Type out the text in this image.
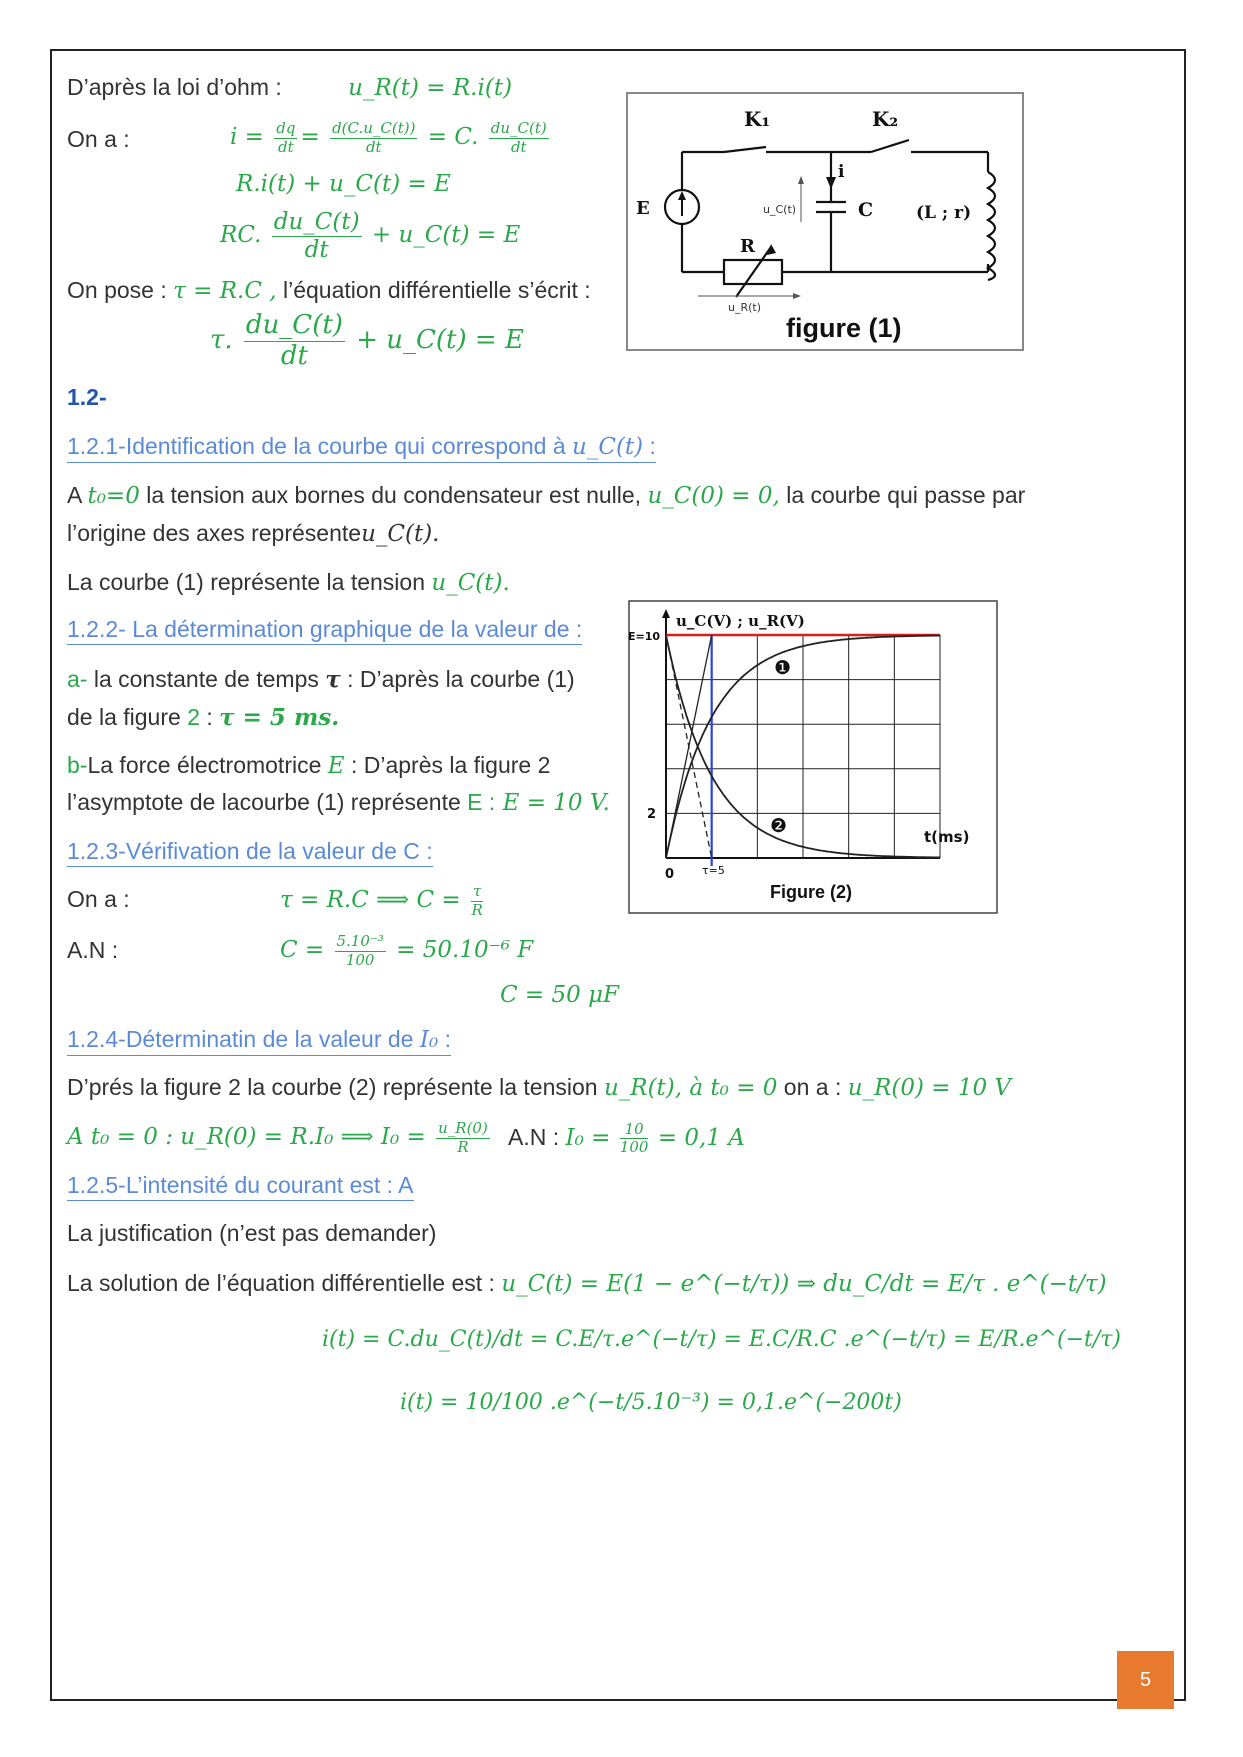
D’après la loi d’ohm :	u_R(t) = R.i(t)
On a :	$i = \frac{dq}{dt} = \frac{d(C.u\_C(t))}{dt} = C$. $\frac{du\_C(t)}{dt}$
R.i(t) + u_C(t) = E
RC. $\frac{du\_C(t)}{dt}$ + u_C(t) = E
On pose : τ = R.C , l’équation différentielle s’écrit :
τ. $\frac{du\_C(t)}{dt}$ + u_C(t) = E
K₁	K₂
E
i
C	(L ; r)
R
u_C(t)
u_R(t)
figure (1)
1.2-
1.2.1-Identification de la courbe qui correspond à u_C(t) :
A t₀=0 la tension aux bornes du condensateur est nulle, u_C(0) = 0, la courbe qui passe par
l’origine des axes représenteu_C(t).
La courbe (1) représente la tension u_C(t).
1.2.2- La détermination graphique de la valeur de :
a- la constante de temps τ : D’après la courbe (1)
de la figure 2 : τ = 5 ms.
b-La force électromotrice E : D’après la figure 2
l’asymptote de lacourbe (1) représente E : E = 10 V.
u_C(V) ; u_R(V)
E=10
2
0	τ=5
t(ms)
Figure (2)
❶
❷
1.2.3-Vérifivation de la valeur de C :
On a :	τ = R.C ⟹ $C = \frac{\tau}{R}$
A.N :	$C = \frac{\text{5.10⁻³}}{100} = 50.10^{-6}$ F
C = 50 μF
1.2.4-Déterminatin de la valeur de I₀ :
D’prés la figure 2 la courbe (2) représente la tension u_R(t), à t₀ = 0 on a : u_R(0) = 10 V
A t₀ = 0 : u_R(0) = R.I₀ ⟹ $I_0 = \frac{u\_R(0)}{R} A.N$ : $I_0 = \frac{10}{100} = 0,1$ A
1.2.5-L’intensité du courant est : A
La justification (n’est pas demander)
La solution de l’équation différentielle est : u_C(t) = E(1 − e^(−t/τ)) ⇒ du_C/dt = E/τ . e^(−t/τ)
i(t) = C.du_C(t)/dt = C.E/τ.e^(−t/τ) = E.C/R.C .e^(−t/τ) = E/R.e^(−t/τ)
i(t) = 10/100 .e^(−t/5.10⁻³) = 0,1.e^(−200t)
5
